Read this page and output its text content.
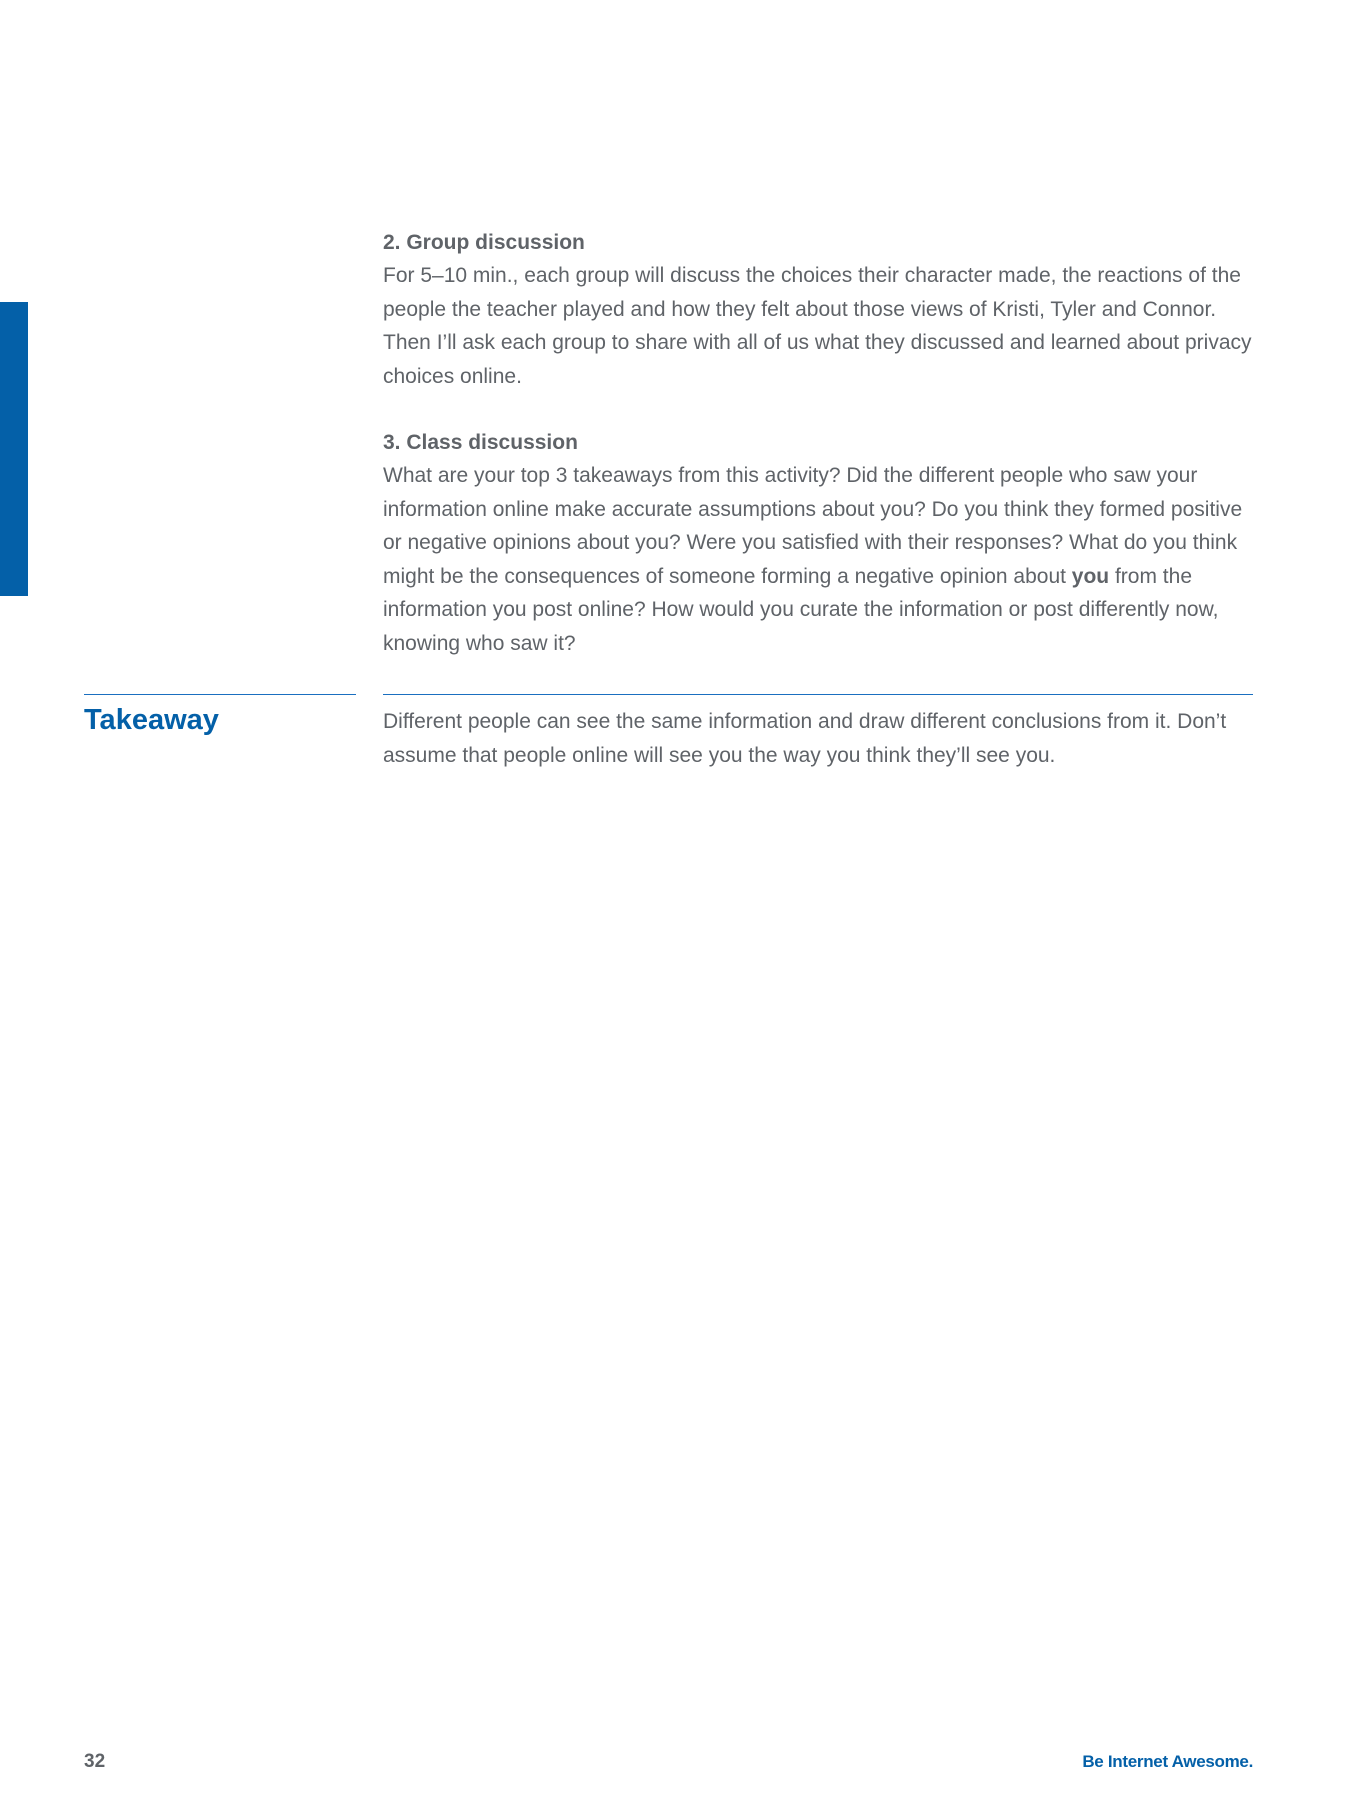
2. Group discussion

For 5–10 min., each group will discuss the choices their character made, the reactions of the people the teacher played and how they felt about those views of Kristi, Tyler and Connor. Then I’ll ask each group to share with all of us what they discussed and learned about privacy choices online.

3. Class discussion

What are your top 3 takeaways from this activity? Did the different people who saw your information online make accurate assumptions about you? Do you think they formed positive or negative opinions about you? Were you satisfied with their responses? What do you think might be the consequences of someone forming a negative opinion about you from the information you post online? How would you curate the information or post differently now, knowing who saw it?

Takeaway	Different people can see the same information and draw different conclusions from it. Don’t assume that people online will see you the way you think they’ll see you.

32	Be Internet Awesome.
